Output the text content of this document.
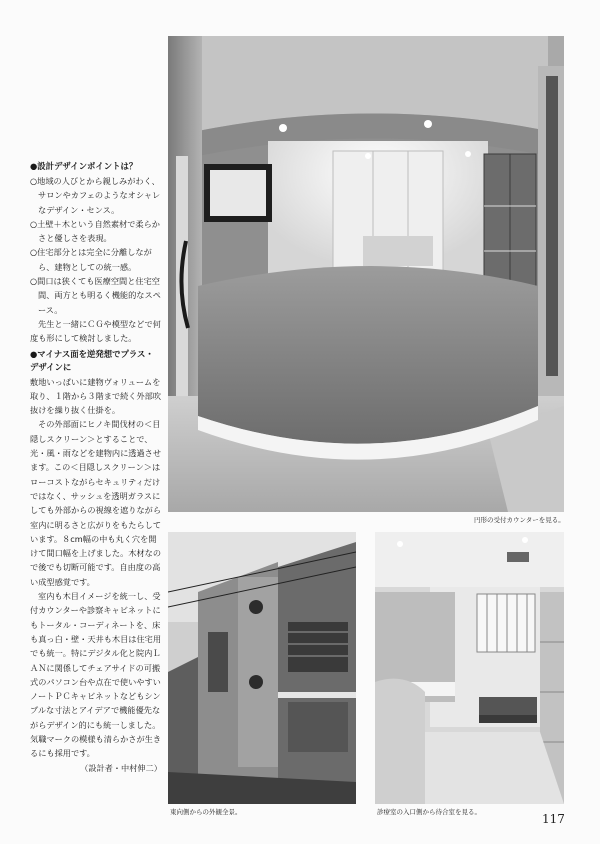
円形の受付カウンターを見る。
東向側からの外観全景。	診療室の入口側から待合室を見る。

●設計デザインポイントは？

○地域の人びとから親しみがわく、サロンやカフェのようなオシャレなデザイン・センス。

○土壁＋木という自然素材で柔らかさと優しさを表現。

○住宅部分とは完全に分離しながら、建物としての統一感。

○間口は狭くても医療空間と住宅空間、両方とも明るく機能的なスペース。

先生と一緒にＣＧや模型などで何度も形にして検討しました。

●マイナス面を逆発想でプラス・デザインに

敷地いっぱいに建物ヴォリュームを取り、１階から３階まで続く外部吹抜けを繰り抜く仕掛を。

その外部面にヒノキ間伐材の＜目隠しスクリーン＞とすることで、光・風・雨などを建物内に透過させます。この＜目隠しスクリーン＞はローコストながらセキュリティだけではなく、サッシュを透明ガラスにしても外部からの視線を遮りながら室内に明るさと広がりをもたらしています。８cm幅の中も丸く穴を開けて間口幅を上げました。木材なので後でも切断可能です。自由度の高い成型感覚です。

室内も木目イメージを統一し、受付カウンターや診察キャビネットにもトータル・コーディネートを、床も真っ白・壁・天井も木目は住宅用でも統一。特にデジタル化と院内ＬＡＮに関係してチェアサイドの可搬式のパソコン台や点在で使いやすいノートＰＣキャビネットなどもシンプルな寸法とアイデアで機能優先ながらデザイン的にも統一しました。気職マークの模様も清らかさが生きるにも採用です。

（設計者・中村伸二）

117
